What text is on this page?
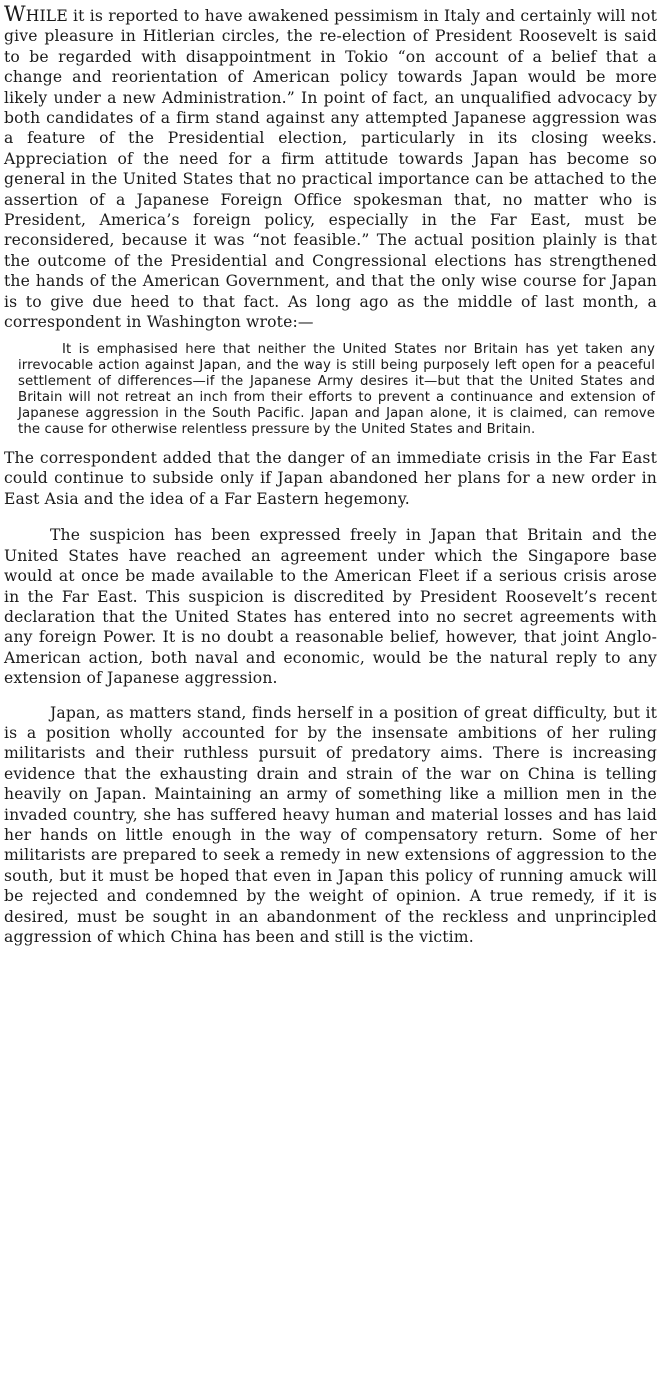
WHILE it is reported to have awakened pessimism in Italy and certainly will not give pleasure in Hitlerian circles, the re-election of President Roosevelt is said to be regarded with disappointment in Tokio “on account of a belief that a change and reorientation of American policy towards Japan would be more likely under a new Administration.” In point of fact, an unqualified advocacy by both candidates of a firm stand against any attempted Japanese aggression was a feature of the Presidential election, particularly in its closing weeks. Appreciation of the need for a firm attitude towards Japan has become so general in the United States that no practical importance can be attached to the assertion of a Japanese Foreign Office spokesman that, no matter who is President, America’s foreign policy, especially in the Far East, must be reconsidered, because it was “not feasible.” The actual position plainly is that the outcome of the Presidential and Congressional elections has strengthened the hands of the American Government, and that the only wise course for Japan is to give due heed to that fact. As long ago as the middle of last month, a correspondent in Washington wrote:—

It is emphasised here that neither the United States nor Britain has yet taken any irrevocable action against Japan, and the way is still being purposely left open for a peaceful settlement of differences—if the Japanese Army desires it—but that the United States and Britain will not retreat an inch from their efforts to prevent a continuance and extension of Japanese aggression in the South Pacific. Japan and Japan alone, it is claimed, can remove the cause for otherwise relentless pressure by the United States and Britain.

The correspondent added that the danger of an immediate crisis in the Far East could continue to subside only if Japan abandoned her plans for a new order in East Asia and the idea of a Far Eastern hegemony.

The suspicion has been expressed freely in Japan that Britain and the United States have reached an agreement under which the Singapore base would at once be made available to the American Fleet if a serious crisis arose in the Far East. This suspicion is discredited by President Roosevelt’s recent declaration that the United States has entered into no secret agreements with any foreign Power. It is no doubt a reasonable belief, however, that joint Anglo-American action, both naval and economic, would be the natural reply to any extension of Japanese aggression.

Japan, as matters stand, finds herself in a position of great difficulty, but it is a position wholly accounted for by the insensate ambitions of her ruling militarists and their ruthless pursuit of predatory aims. There is increasing evidence that the exhausting drain and strain of the war on China is telling heavily on Japan. Maintaining an army of something like a million men in the invaded country, she has suffered heavy human and material losses and has laid her hands on little enough in the way of compensatory return. Some of her militarists are prepared to seek a remedy in new extensions of aggression to the south, but it must be hoped that even in Japan this policy of running amuck will be rejected and condemned by the weight of opinion. A true remedy, if it is desired, must be sought in an abandonment of the reckless and unprincipled aggression of which China has been and still is the victim.
